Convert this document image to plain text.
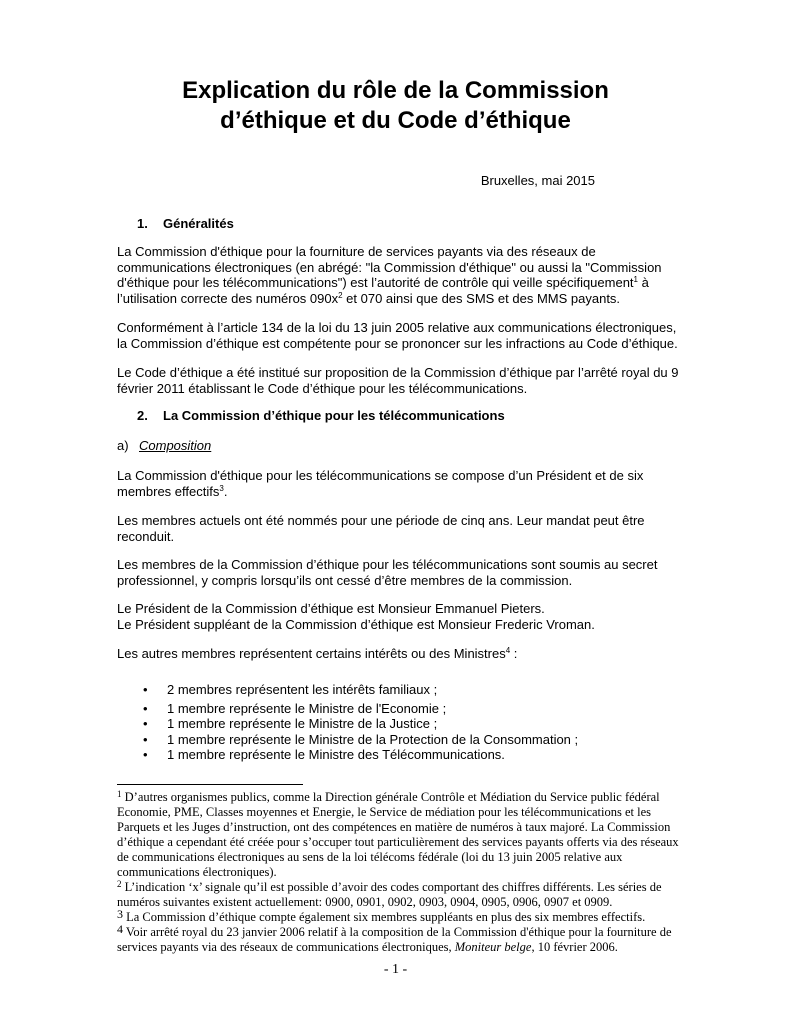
Explication du rôle de la Commission
d’éthique et du Code d’éthique
Bruxelles, mai 2015
1. Généralités

La Commission d'éthique pour la fourniture de services payants via des réseaux de communications électroniques (en abrégé: "la Commission d'éthique" ou aussi la "Commission d'éthique pour les télécommunications") est l’autorité de contrôle qui veille spécifiquement$^1$ à l’utilisation correcte des numéros $090x^2$ et 070 ainsi que des SMS et des MMS payants.

Conformément à l’article 134 de la loi du 13 juin 2005 relative aux communications électroniques, la Commission d’éthique est compétente pour se prononcer sur les infractions au Code d’éthique.

Le Code d’éthique a été institué sur proposition de la Commission d’éthique par l’arrêté royal du 9 février 2011 établissant le Code d’éthique pour les télécommunications.

2. La Commission d’éthique pour les télécommunications
a) Composition

La Commission d'éthique pour les télécommunications se compose d’un Président et de six membres effectifs$^3$.

Les membres actuels ont été nommés pour une période de cinq ans. Leur mandat peut être reconduit.

Les membres de la Commission d’éthique pour les télécommunications sont soumis au secret professionnel, y compris lorsqu’ils ont cessé d’être membres de la commission.

Le Président de la Commission d’éthique est Monsieur Emmanuel Pieters.
Le Président suppléant de la Commission d’éthique est Monsieur Frederic Vroman.

Les autres membres représentent certains intérêts ou des Ministres$^4$ :

• 2 membres représentent les intérêts familiaux ;
• 1 membre représente le Ministre de l'Economie ;
• 1 membre représente le Ministre de la Justice ;
• 1 membre représente le Ministre de la Protection de la Consommation ;
• 1 membre représente le Ministre des Télécommunications.

$^1$ D’autres organismes publics, comme la Direction générale Contrôle et Médiation du Service public fédéral Economie, PME, Classes moyennes et Energie, le Service de médiation pour les télécommunications et les Parquets et les Juges d’instruction, ont des compétences en matière de numéros à taux majoré. La Commission d’éthique a cependant été créée pour s’occuper tout particulièrement des services payants offerts via des réseaux de communications électroniques au sens de la loi télécoms fédérale (loi du 13 juin 2005 relative aux communications électroniques).

$^2$ L’indication ‘x’ signale qu’il est possible d’avoir des codes comportant des chiffres différents. Les séries de numéros suivantes existent actuellement: 0900, 0901, 0902, 0903, 0904, 0905, 0906, 0907 et 0909.

3 La Commission d’éthique compte également six membres suppléants en plus des six membres effectifs.

4 Voir arrêté royal du 23 janvier 2006 relatif à la composition de la Commission d'éthique pour la fourniture de services payants via des réseaux de communications électroniques, Moniteur belge, 10 février 2006.

- 1 -
